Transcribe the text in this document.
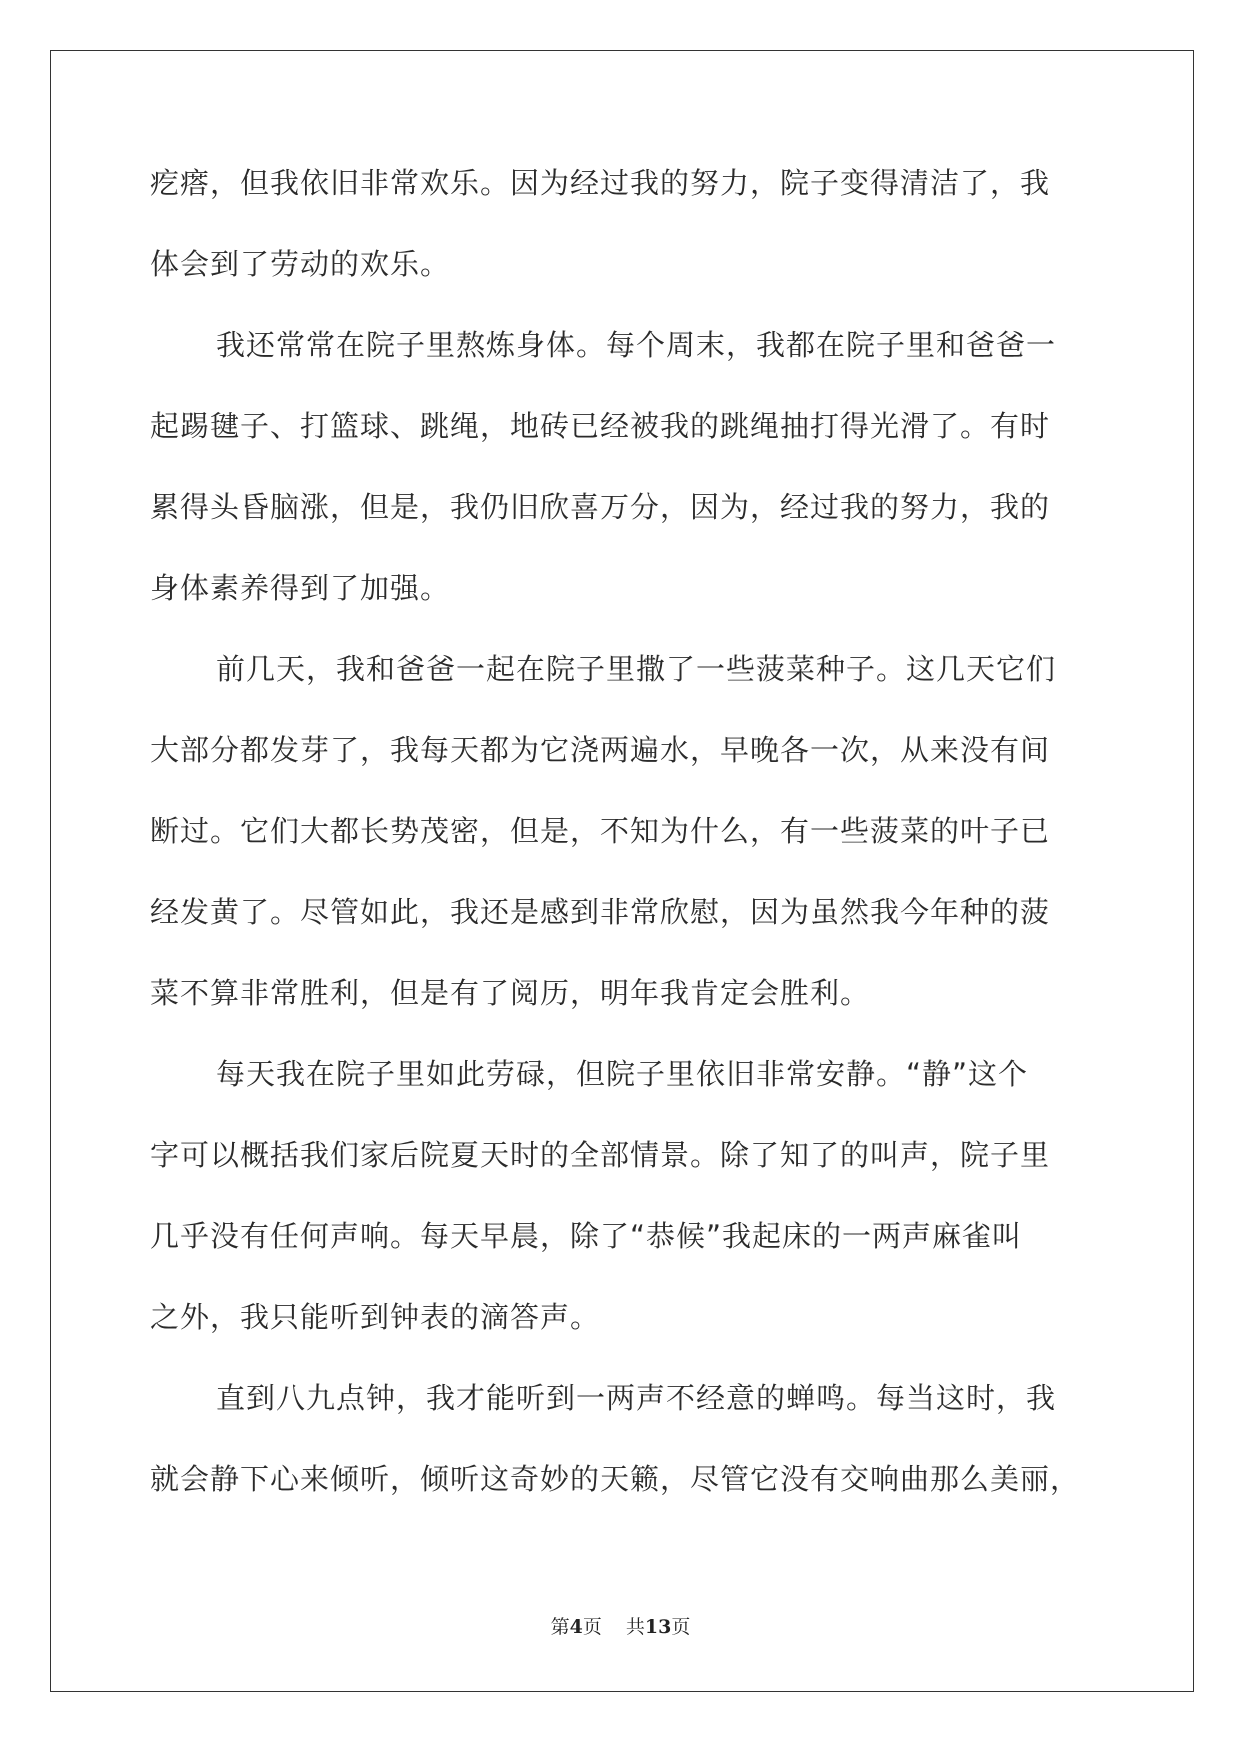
疙瘩，但我依旧非常欢乐。因为经过我的努力，院子变得清洁了，我

体会到了劳动的欢乐。

我还常常在院子里熬炼身体。每个周末，我都在院子里和爸爸一

起踢毽子、打篮球、跳绳，地砖已经被我的跳绳抽打得光滑了。有时

累得头昏脑涨，但是，我仍旧欣喜万分，因为，经过我的努力，我的

身体素养得到了加强。

前几天，我和爸爸一起在院子里撒了一些菠菜种子。这几天它们

大部分都发芽了，我每天都为它浇两遍水，早晚各一次，从来没有间

断过。它们大都长势茂密，但是，不知为什么，有一些菠菜的叶子已

经发黄了。尽管如此，我还是感到非常欣慰，因为虽然我今年种的菠

菜不算非常胜利，但是有了阅历，明年我肯定会胜利。

每天我在院子里如此劳碌，但院子里依旧非常安静。“静”这个

字可以概括我们家后院夏天时的全部情景。除了知了的叫声，院子里

几乎没有任何声响。每天早晨，除了“恭候”我起床的一两声麻雀叫

之外，我只能听到钟表的滴答声。

直到八九点钟，我才能听到一两声不经意的蝉鸣。每当这时，我

就会静下心来倾听，倾听这奇妙的天籁，尽管它没有交响曲那么美丽，

第4页 共13页
